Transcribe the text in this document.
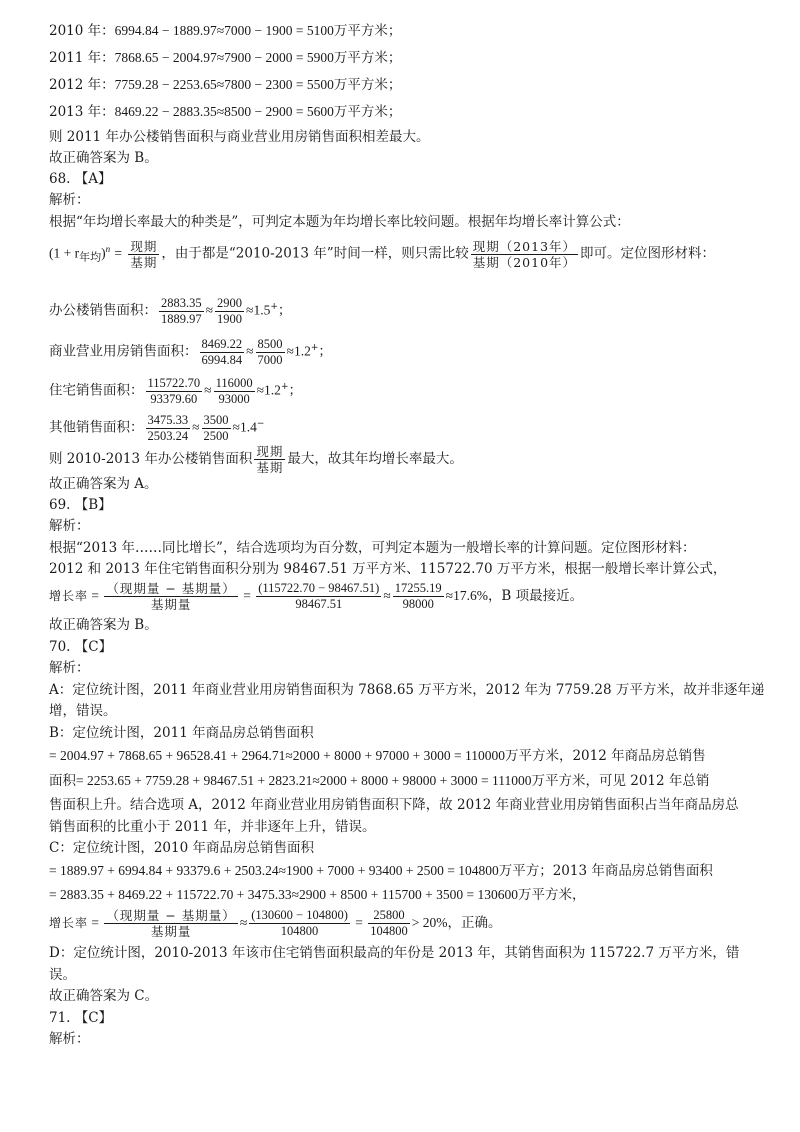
2010 年：6994.84 − 1889.97≈7000 − 1900 = 5100万平方米；
2011 年：7868.65 − 2004.97≈7900 − 2000 = 5900万平方米；
2012 年：7759.28 − 2253.65≈7800 − 2300 = 5500万平方米；
2013 年：8469.22 − 2883.35≈8500 − 2900 = 5600万平方米；
则 2011 年办公楼销售面积与商业营业用房销售面积相差最大。
故正确答案为 B。
68. 【A】
解析：
根据“年均增长率最大的种类是”，可判定本题为年均增长率比较问题。根据年均增长率计算公式：
$(1 + r_{年均})^n = \frac{\text{现期}}{\text{基期}}$ ，由于都是“2010-2013 年”时间一样，则只需比较 $\frac{\text{现期（2013年）}}{\text{基期（2010年）}}$ 即可。定位图形材料：
办公楼销售面积： $\frac{2883.35}{1889.97} \approx \frac{2900}{1900} \approx 1.5^+$；
商业营业用房销售面积： $\frac{8469.22}{6994.84} \approx \frac{8500}{7000} \approx 1.2^+$；
住宅销售面积： $\frac{115722.70}{93379.60} \approx \frac{116000}{93000} \approx 1.2^+$；
其他销售面积： $\frac{3475.33}{2503.24} \approx \frac{3500}{2500} \approx 1.4^-$
则 2010-2013 年办公楼销售面积 $\frac{\text{现期}}{\text{基期}}$ 最大，故其年均增长率最大。
故正确答案为 A。
69. 【B】
解析：
根据“2013 年……同比增长”，结合选项均为百分数，可判定本题为一般增长率的计算问题。定位图形材料：
2012 和 2013 年住宅销售面积分别为 98467.51 万平方米、115722.70 万平方米，根据一般增长率计算公式，
增长率 = $\frac{\text{（现期量 − 基期量）}}{\text{基期量}} = \frac{(115722.70 - 98467.51)}{98467.51} \approx \frac{17255.19}{98000} \approx 17.6\%$，B 项最接近。
故正确答案为 B。
70. 【C】
解析：
A：定位统计图，2011 年商业营业用房销售面积为 7868.65 万平方米，2012 年为 7759.28 万平方米，故并非逐年递
增，错误。
B：定位统计图，2011 年商品房总销售面积
= 2004.97 + 7868.65 + 96528.41 + 2964.71≈2000 + 8000 + 97000 + 3000 = 110000万平方米，2012 年商品房总销售
面积= 2253.65 + 7759.28 + 98467.51 + 2823.21≈2000 + 8000 + 98000 + 3000 = 111000万平方米，可见 2012 年总销
售面积上升。结合选项 A，2012 年商业营业用房销售面积下降，故 2012 年商业营业用房销售面积占当年商品房总
销售面积的比重小于 2011 年，并非逐年上升，错误。
C：定位统计图，2010 年商品房总销售面积
= 1889.97 + 6994.84 + 93379.6 + 2503.24≈1900 + 7000 + 93400 + 2500 = 104800万平方；2013 年商品房总销售面积
= 2883.35 + 8469.22 + 115722.70 + 3475.33≈2900 + 8500 + 115700 + 3500 = 130600万平方米，
增长率 = $\frac{\text{（现期量 − 基期量）}}{\text{基期量}} \approx \frac{(130600 - 104800)}{104800} = \frac{25800}{104800} > 20\%$，正确。
D：定位统计图，2010-2013 年该市住宅销售面积最高的年份是 2013 年，其销售面积为 115722.7 万平方米，错
误。
故正确答案为 C。
71. 【C】
解析：
